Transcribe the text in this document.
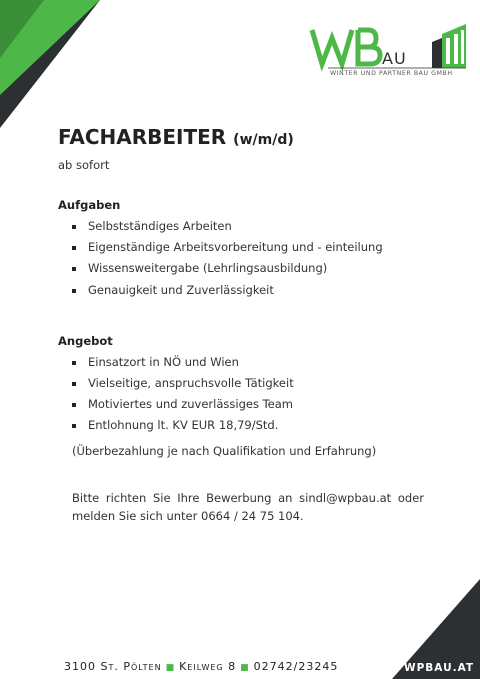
AU
WINTER UND PARTNER BAU GMBH
FACHARBEITER (w/m/d)
ab sofort
Aufgaben
Selbstständiges Arbeiten
Eigenständige Arbeitsvorbereitung und - einteilung
Wissensweitergabe (Lehrlingsausbildung)
Genauigkeit und Zuverlässigkeit
Angebot
Einsatzort in NÖ und Wien
Vielseitige, anspruchsvolle Tätigkeit
Motiviertes und zuverlässiges Team
Entlohnung lt. KV EUR 18,79/Std.
(Überbezahlung je nach Qualifikation und Erfahrung)
Bitte richten Sie Ihre Bewerbung an sindl@wpbau.at oder melden Sie sich unter 0664 / 24 75 104.
3100 St. Pölten ■ Keilweg 8 ■ 02742/23245	WPBAU.AT
